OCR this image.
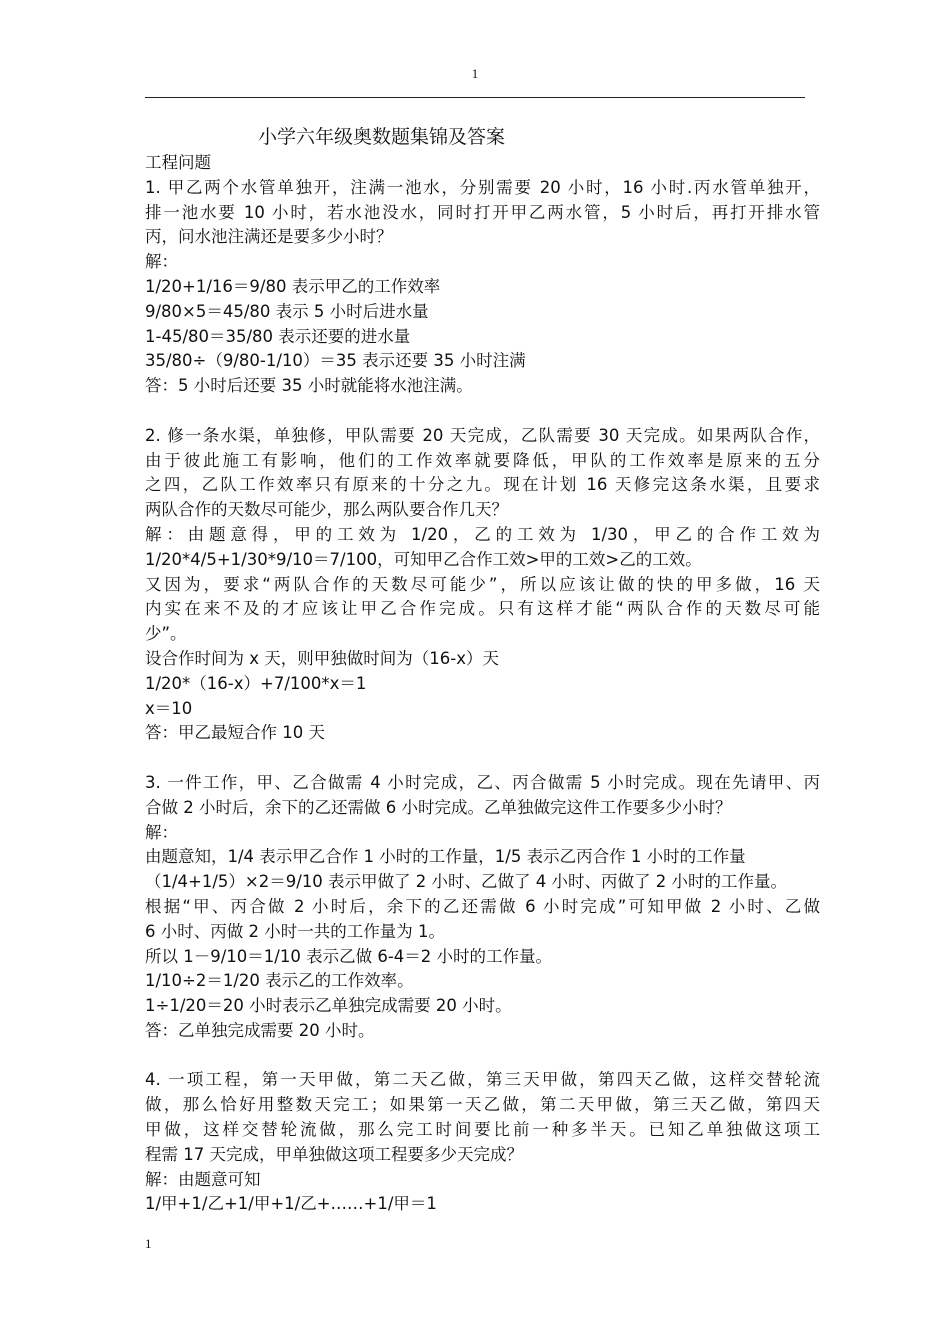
1
小学六年级奥数题集锦及答案
工程问题
1. 甲乙两个水管单独开，注满一池水，分别需要 20 小时，16 小时.丙水管单独开，
排一池水要 10 小时，若水池没水，同时打开甲乙两水管，5 小时后，再打开排水管
丙，问水池注满还是要多少小时？
解：
1/20+1/16＝9/80 表示甲乙的工作效率
9/80×5＝45/80 表示 5 小时后进水量
1-45/80＝35/80 表示还要的进水量
35/80÷（9/80-1/10）＝35 表示还要 35 小时注满
答：5 小时后还要 35 小时就能将水池注满。
2. 修一条水渠，单独修，甲队需要 20 天完成，乙队需要 30 天完成。如果两队合作，
由于彼此施工有影响，他们的工作效率就要降低，甲队的工作效率是原来的五分
之四，乙队工作效率只有原来的十分之九。现在计划 16 天修完这条水渠，且要求
两队合作的天数尽可能少，那么两队要合作几天？
解：由题意得，甲的工效为 1/20，乙的工效为 1/30，甲乙的合作工效为
1/20*4/5+1/30*9/10＝7/100，可知甲乙合作工效>甲的工效>乙的工效。
又因为，要求“两队合作的天数尽可能少”，所以应该让做的快的甲多做，16 天
内实在来不及的才应该让甲乙合作完成。只有这样才能“两队合作的天数尽可能
少”。
设合作时间为 x 天，则甲独做时间为（16-x）天
1/20*（16-x）+7/100*x＝1
x＝10
答：甲乙最短合作 10 天
3. 一件工作，甲、乙合做需 4 小时完成，乙、丙合做需 5 小时完成。现在先请甲、丙
合做 2 小时后，余下的乙还需做 6 小时完成。乙单独做完这件工作要多少小时？
解：
由题意知，1/4 表示甲乙合作 1 小时的工作量，1/5 表示乙丙合作 1 小时的工作量
（1/4+1/5）×2＝9/10 表示甲做了 2 小时、乙做了 4 小时、丙做了 2 小时的工作量。
根据“甲、丙合做 2 小时后，余下的乙还需做 6 小时完成”可知甲做 2 小时、乙做
6 小时、丙做 2 小时一共的工作量为 1。
所以 1－9/10＝1/10 表示乙做 6-4＝2 小时的工作量。
1/10÷2＝1/20 表示乙的工作效率。
1÷1/20＝20 小时表示乙单独完成需要 20 小时。
答：乙单独完成需要 20 小时。
4. 一项工程，第一天甲做，第二天乙做，第三天甲做，第四天乙做，这样交替轮流
做，那么恰好用整数天完工；如果第一天乙做，第二天甲做，第三天乙做，第四天
甲做，这样交替轮流做，那么完工时间要比前一种多半天。已知乙单独做这项工
程需 17 天完成，甲单独做这项工程要多少天完成？
解：由题意可知
1/甲+1/乙+1/甲+1/乙+……+1/甲＝1
1
